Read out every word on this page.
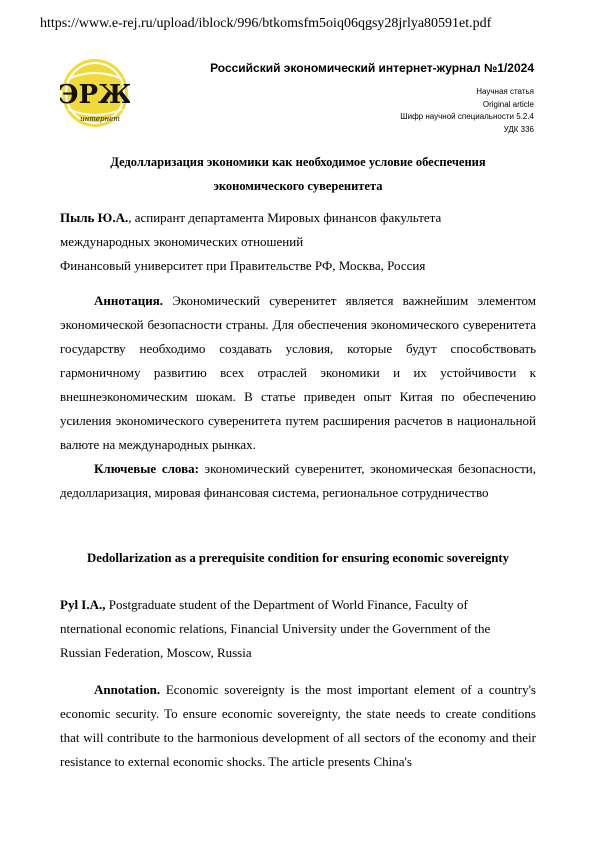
https://www.e-rej.ru/upload/iblock/996/btkomsfm5oiq06qgsy28jrlya80591et.pdf
ЭРЖ
интернет
Российский экономический интернет-журнал №1/2024
Научная статья
Original article
Шифр научной специальности 5.2.4
УДК 336
Дедолларизация экономики как необходимое условие обеспечения
экономического суверенитета
Пыль Ю.А., аспирант департамента Мировых финансов факультета
международных экономических отношений
Финансовый университет при Правительстве РФ, Москва, Россия

Аннотация. Экономический суверенитет является важнейшим элементом экономической безопасности страны. Для обеспечения экономического суверенитета государству необходимо создавать условия, которые будут способствовать гармоничному развитию всех отраслей экономики и их устойчивости к внешнеэкономическим шокам. В статье приведен опыт Китая по обеспечению усиления экономического суверенитета путем расширения расчетов в национальной валюте на международных рынках.

Ключевые слова: экономический суверенитет, экономическая безопасности, дедолларизация, мировая финансовая система, региональное сотрудничество

Dedollarization as a prerequisite condition for ensuring economic sovereignty
Pyl I.A., Postgraduate student of the Department of World Finance, Faculty of
nternational economic relations, Financial University under the Government of the
Russian Federation, Moscow, Russia

Annotation. Economic sovereignty is the most important element of a country's economic security. To ensure economic sovereignty, the state needs to create conditions that will contribute to the harmonious development of all sectors of the economy and their resistance to external economic shocks. The article presents China's
